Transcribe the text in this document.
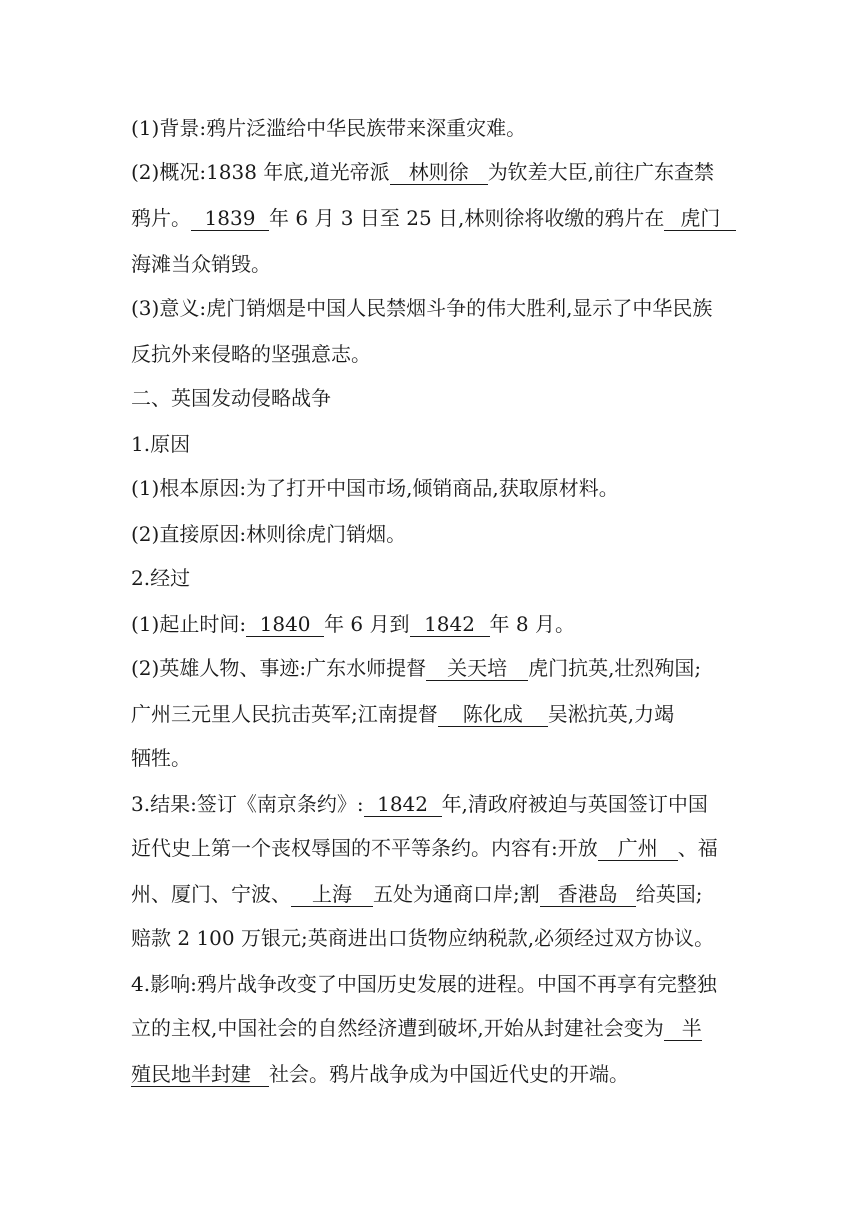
(1)背景:鸦片泛滥给中华民族带来深重灾难。
(2)概况:1838 年底,道光帝派 林则徐 为钦差大臣,前往广东查禁
鸦片。 1839 年 6 月 3 日至 25 日,林则徐将收缴的鸦片在 虎门
海滩当众销毁。
(3)意义:虎门销烟是中国人民禁烟斗争的伟大胜利,显示了中华民族
反抗外来侵略的坚强意志。
二、英国发动侵略战争
1.原因
(1)根本原因:为了打开中国市场,倾销商品,获取原材料。
(2)直接原因:林则徐虎门销烟。
2.经过
(1)起止时间: 1840 年 6 月到 1842 年 8 月。
(2)英雄人物、事迹:广东水师提督 关天培 虎门抗英,壮烈殉国;
广州三元里人民抗击英军;江南提督 陈化成 吴淞抗英,力竭
牺牲。
3.结果:签订《南京条约》: 1842 年,清政府被迫与英国签订中国
近代史上第一个丧权辱国的不平等条约。内容有:开放 广州 、福
州、厦门、宁波、 上海 五处为通商口岸;割 香港岛 给英国;
赔款 2 100 万银元;英商进出口货物应纳税款,必须经过双方协议。
4.影响:鸦片战争改变了中国历史发展的进程。中国不再享有完整独
立的主权,中国社会的自然经济遭到破坏,开始从封建社会变为 半
殖民地半封建 社会。鸦片战争成为中国近代史的开端。
